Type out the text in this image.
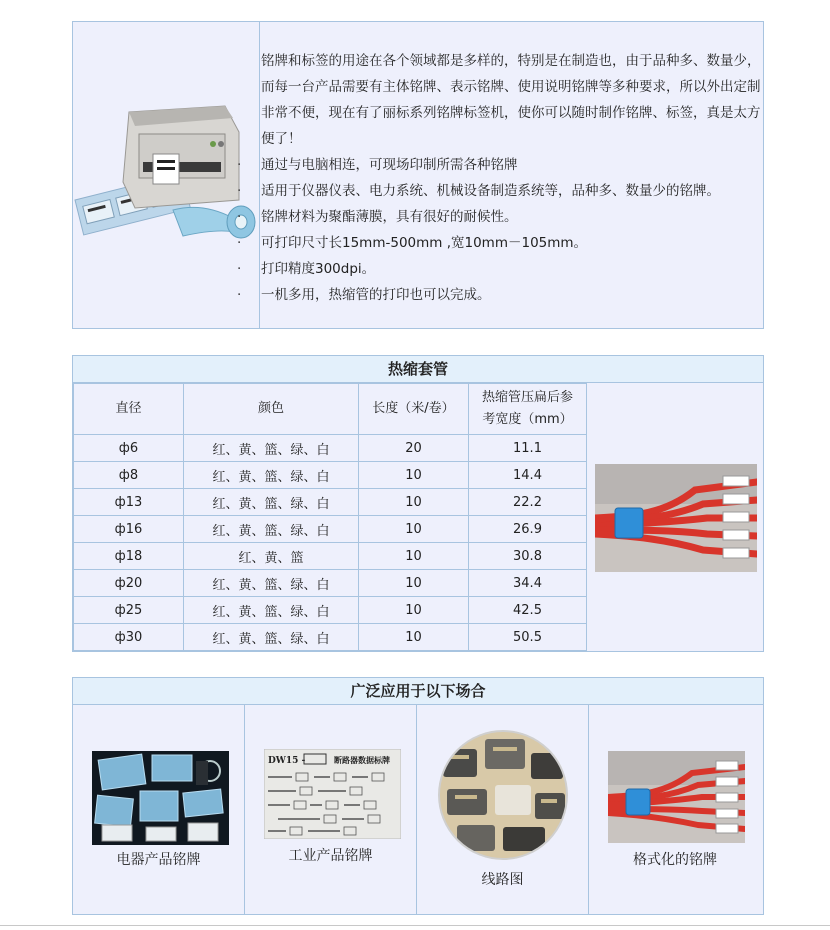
铭牌和标签的用途在各个领域都是多样的，特别是在制造也，由于品种多、数量少，而每一台产品需要有主体铭牌、表示铭牌、使用说明铭牌等多种要求，所以外出定制非常不便，现在有了丽标系列铭牌标签机，使你可以随时制作铭牌、标签，真是太方便了！

· 通过与电脑相连，可现场印制所需各种铭牌
· 适用于仪器仪表、电力系统、机械设备制造系统等，品种多、数量少的铭牌。
· 铭牌材料为聚酯薄膜，具有很好的耐候性。
· 可打印尺寸长15mm-500mm ,宽10mm－105mm。
· 打印精度300dpi。
· 一机多用，热缩管的打印也可以完成。
热缩套管
直径	颜色	长度（米/卷）	热缩管压扁后参考宽度（mm）
ф6	红、黄、篮、绿、白	20	11.1
ф8	红、黄、篮、绿、白	10	14.4
ф13	红、黄、篮、绿、白	10	22.2
ф16	红、黄、篮、绿、白	10	26.9
ф18	红、黄、篮	10	30.8
ф20	红、黄、篮、绿、白	10	34.4
ф25	红、黄、篮、绿、白	10	42.5
ф30	红、黄、篮、绿、白	10	50.5
广泛应用于以下场合
电器产品铭牌
DW15 -	断路器数据标牌
工业产品铭牌
线路图
格式化的铭牌
